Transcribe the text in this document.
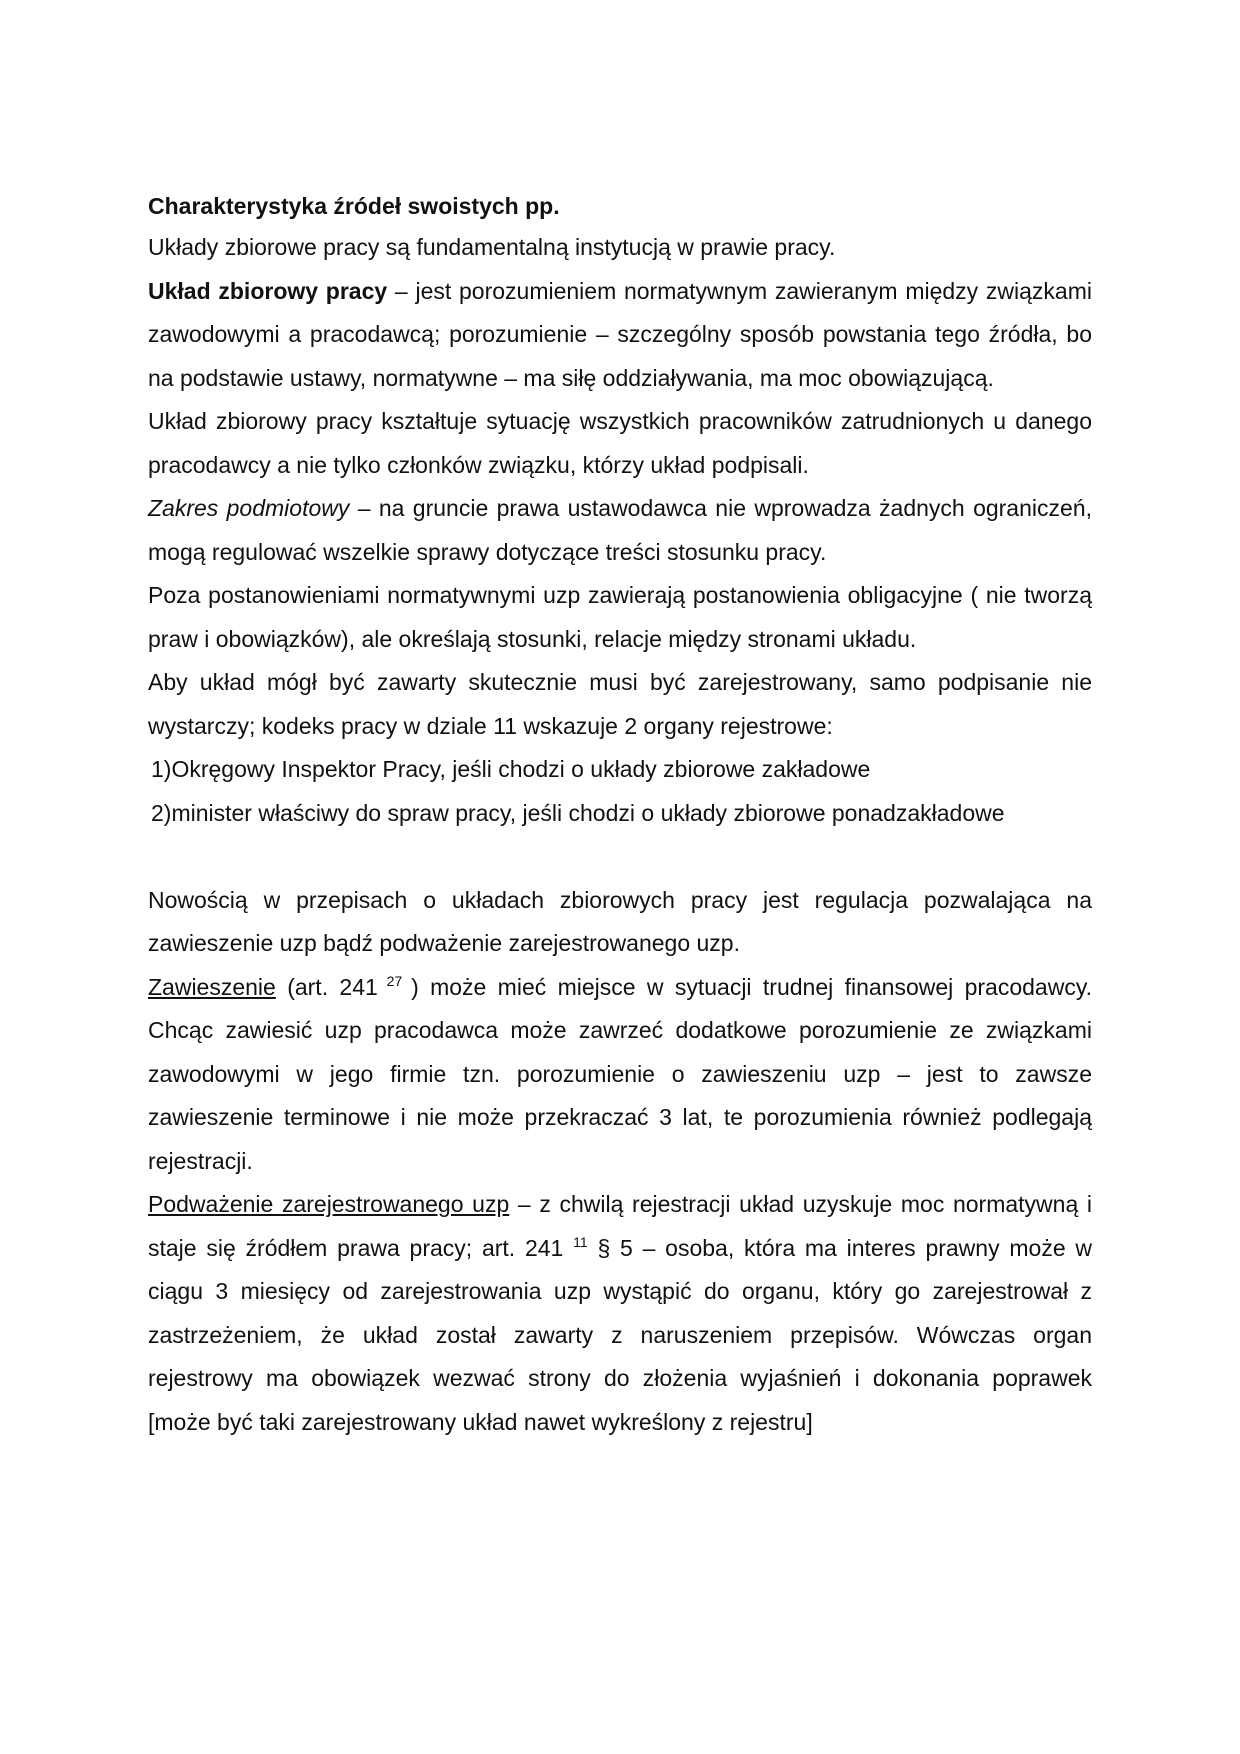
Charakterystyka źródeł swoistych pp.

Układy zbiorowe pracy są fundamentalną instytucją w prawie pracy.

Układ zbiorowy pracy – jest porozumieniem normatywnym zawieranym między związkami zawodowymi a pracodawcą; porozumienie – szczególny sposób powstania tego źródła, bo na podstawie ustawy, normatywne – ma siłę oddziaływania, ma moc obowiązującą.

Układ zbiorowy pracy kształtuje sytuację wszystkich pracowników zatrudnionych u danego pracodawcy a nie tylko członków związku, którzy układ podpisali.

Zakres podmiotowy – na gruncie prawa ustawodawca nie wprowadza żadnych ograniczeń, mogą regulować wszelkie sprawy dotyczące treści stosunku pracy.

Poza postanowieniami normatywnymi uzp zawierają postanowienia obligacyjne ( nie tworzą praw i obowiązków), ale określają stosunki, relacje między stronami układu.

Aby układ mógł być zawarty skutecznie musi być zarejestrowany, samo podpisanie nie wystarczy; kodeks pracy w dziale 11 wskazuje 2 organy rejestrowe:

1)Okręgowy Inspektor Pracy, jeśli chodzi o układy zbiorowe zakładowe
2)minister właściwy do spraw pracy, jeśli chodzi o układy zbiorowe ponadzakładowe

Nowością w przepisach o układach zbiorowych pracy jest regulacja pozwalająca na zawieszenie uzp bądź podważenie zarejestrowanego uzp.

Zawieszenie (art. 241 $^{27}$ ) może mieć miejsce w sytuacji trudnej finansowej pracodawcy. Chcąc zawiesić uzp pracodawca może zawrzeć dodatkowe porozumienie ze związkami zawodowymi w jego firmie tzn. porozumienie o zawieszeniu uzp – jest to zawsze zawieszenie terminowe i nie może przekraczać 3 lat, te porozumienia również podlegają rejestracji.

Podważenie zarejestrowanego uzp – z chwilą rejestracji układ uzyskuje moc normatywną i staje się źródłem prawa pracy; art. 241 $^{11}$ § 5 – osoba, która ma interes prawny może w ciągu 3 miesięcy od zarejestrowania uzp wystąpić do organu, który go zarejestrował z zastrzeżeniem, że układ został zawarty z naruszeniem przepisów. Wówczas organ rejestrowy ma obowiązek wezwać strony do złożenia wyjaśnień i dokonania poprawek [może być taki zarejestrowany układ nawet wykreślony z rejestru]
